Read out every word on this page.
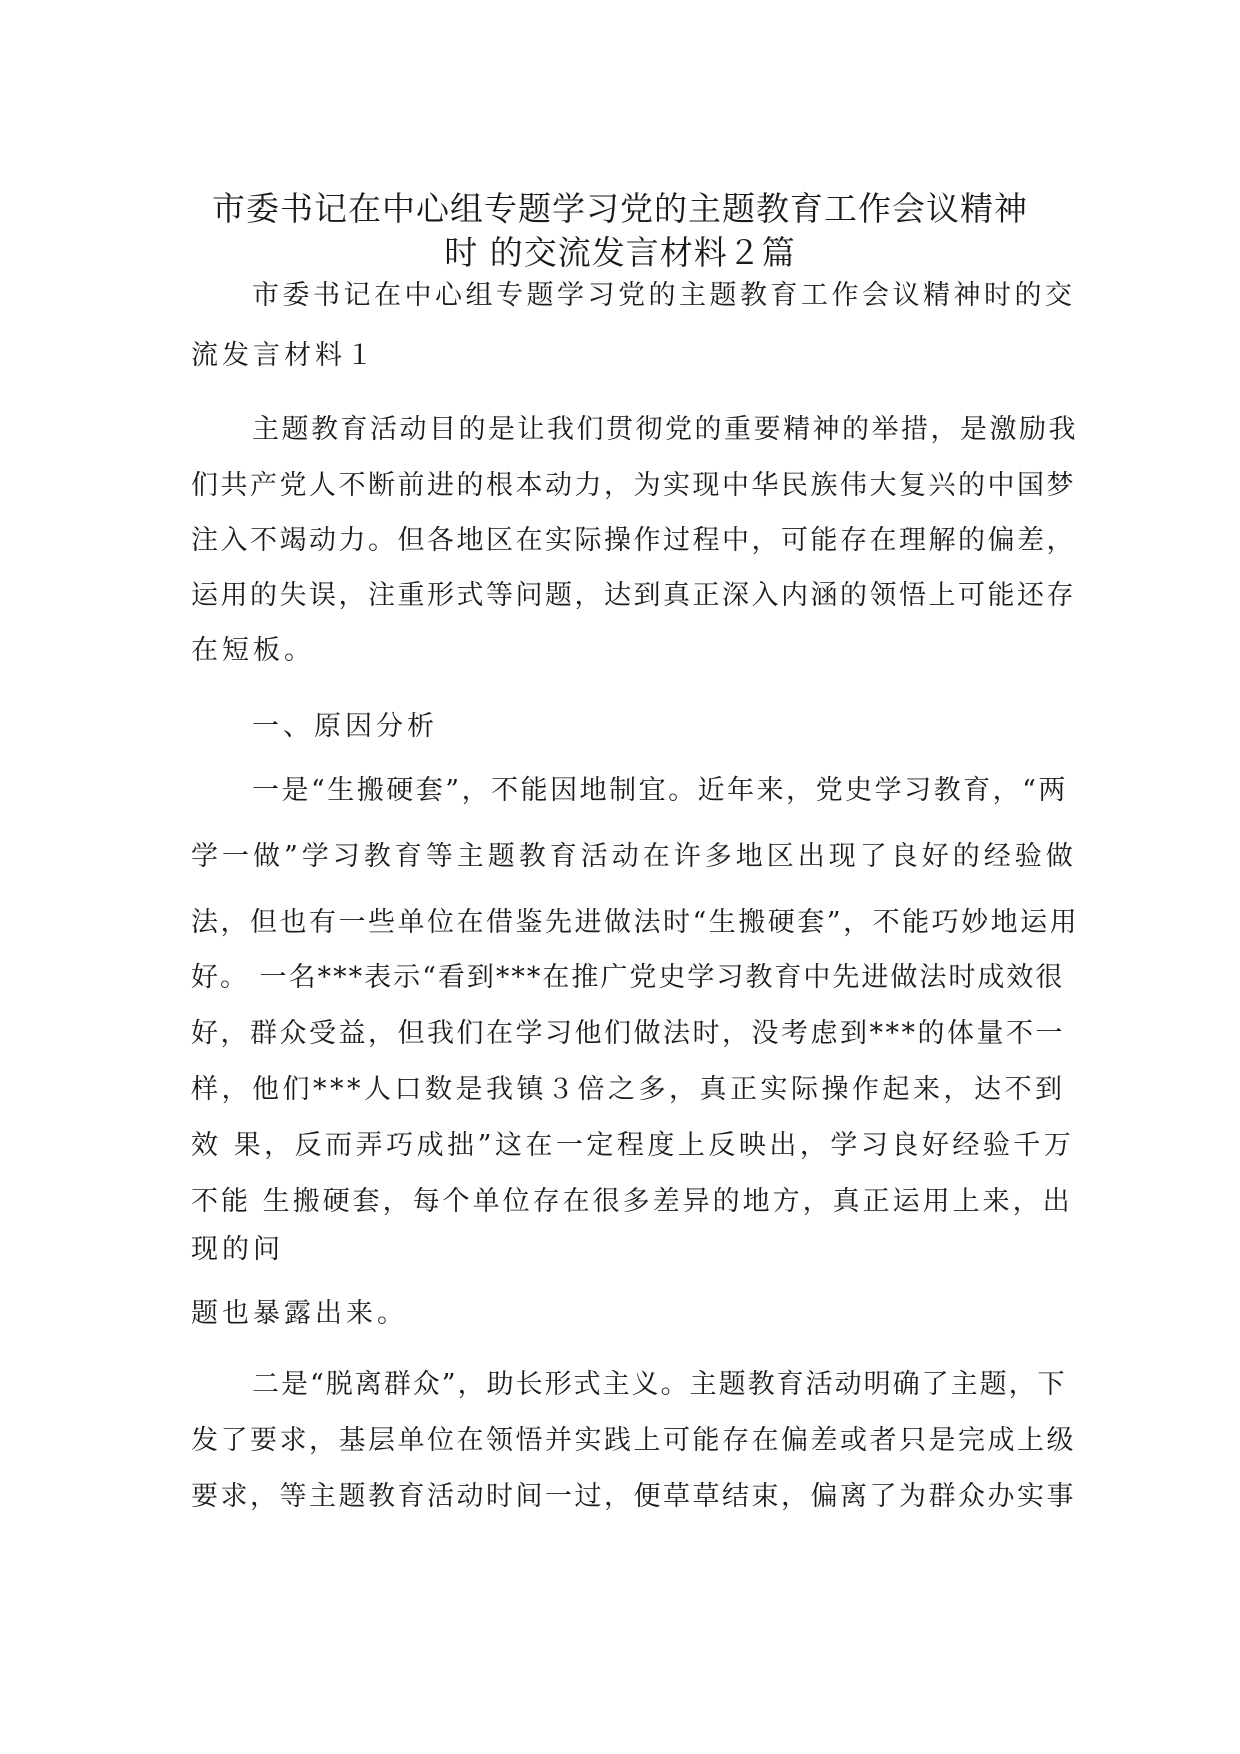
市委书记在中心组专题学习党的主题教育工作会议精神
时 的交流发言材料２篇

市委书记在中心组专题学习党的主题教育工作会议精神时的交

流发言材料１

主题教育活动目的是让我们贯彻党的重要精神的举措，是激励我

们共产党人不断前进的根本动力，为实现中华民族伟大复兴的中国梦

注入不竭动力。但各地区在实际操作过程中，可能存在理解的偏差，

运用的失误，注重形式等问题，达到真正深入内涵的领悟上可能还存

在短板。

一、原因分析

一是“生搬硬套”，不能因地制宜。近年来，党史学习教育，“两

学一做”学习教育等主题教育活动在许多地区出现了良好的经验做

法，但也有一些单位在借鉴先进做法时“生搬硬套”，不能巧妙地运用

好。 一名***表示“看到***在推广党史学习教育中先进做法时成效很

好，群众受益，但我们在学习他们做法时，没考虑到***的体量不一

样，他们***人口数是我镇３倍之多，真正实际操作起来，达不到

效 果，反而弄巧成拙”这在一定程度上反映出，学习良好经验千万

不能 生搬硬套，每个单位存在很多差异的地方，真正运用上来，出

现的问

题也暴露出来。

二是“脱离群众”，助长形式主义。主题教育活动明确了主题，下

发了要求，基层单位在领悟并实践上可能存在偏差或者只是完成上级

要求，等主题教育活动时间一过，便草草结束，偏离了为群众办实事
